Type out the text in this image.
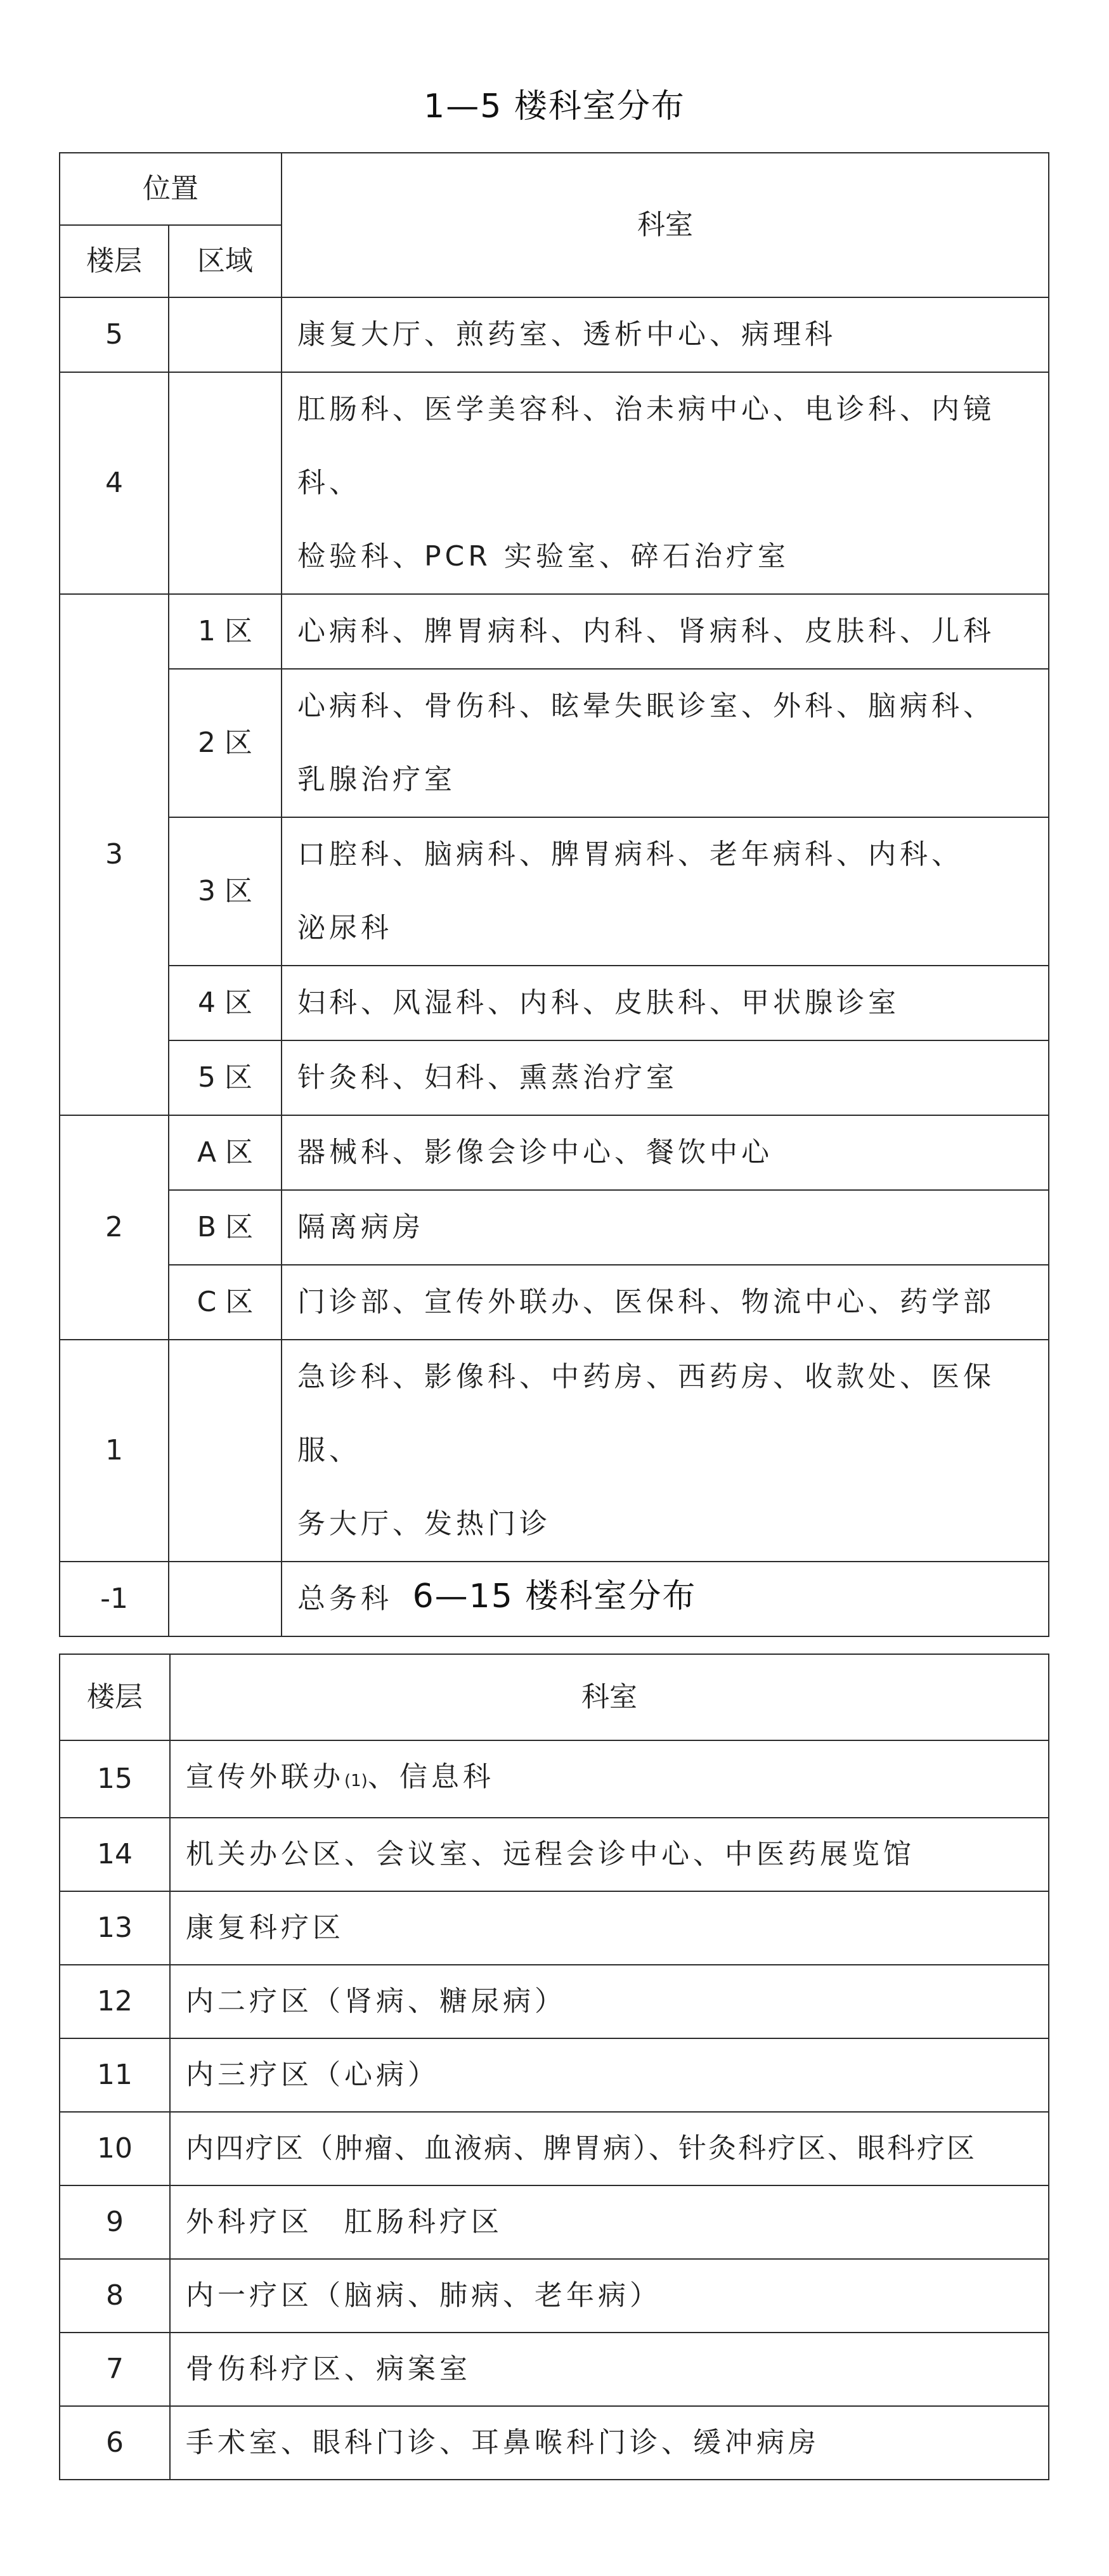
1—5 楼科室分布
位置		科室
楼层	区域	
5		康复大厅、煎药室、透析中心、病理科
4		肛肠科、医学美容科、治未病中心、电诊科、内镜科、
检验科、PCR 实验室、碎石治疗室

3	1 区	心病科、脾胃病科、内科、肾病科、皮肤科、儿科
	2 区	心病科、骨伤科、眩晕失眠诊室、外科、脑病科、
乳腺治疗室

	3 区	口腔科、脑病科、脾胃病科、老年病科、内科、
泌尿科

	4 区	妇科、风湿科、内科、皮肤科、甲状腺诊室
	5 区	针灸科、妇科、熏蒸治疗室
2	A 区	器械科、影像会诊中心、餐饮中心
	B 区	隔离病房
	C 区	门诊部、宣传外联办、医保科、物流中心、药学部
1		急诊科、影像科、中药房、西药房、收款处、医保服、
务大厅、发热门诊

-1		总务科 6—15 楼科室分布
楼层	科室
15	宣传外联办(1)、信息科
14	机关办公区、会议室、远程会诊中心、中医药展览馆
13	康复科疗区
12	内二疗区（肾病、糖尿病）
11	内三疗区（心病）
10	内四疗区（肿瘤、血液病、脾胃病）、针灸科疗区、眼科疗区
9	外科疗区　肛肠科疗区
8	内一疗区（脑病、肺病、老年病）
7	骨伤科疗区、病案室
6	手术室、眼科门诊、耳鼻喉科门诊、缓冲病房
